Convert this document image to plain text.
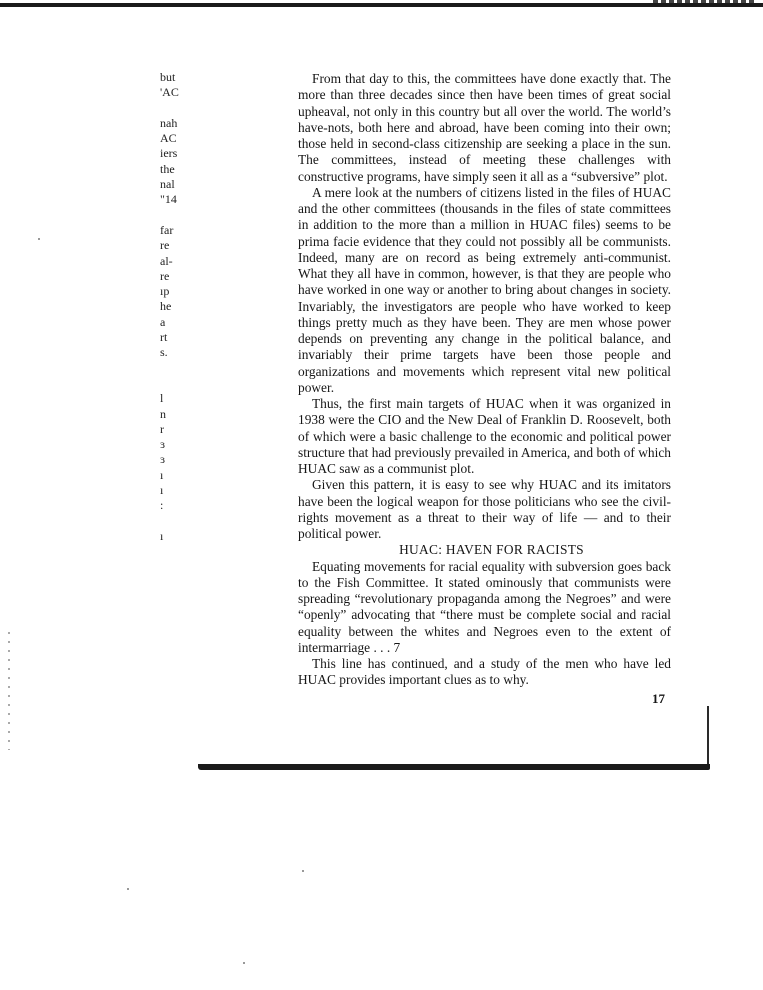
but
'AC
nah
AC
iers
the
nal
"14
far
re
al-
re
ıp
he
a
rt
s.
l
n
r
ɜ
ɜ
ı
ı
:
ı

From that day to this, the committees have done exactly that. The more than three decades since then have been times of great social upheaval, not only in this country but all over the world. The world’s have-nots, both here and abroad, have been coming into their own; those held in second-class citizenship are seeking a place in the sun. The committees, instead of meeting these challenges with constructive programs, have simply seen it all as a “subversive” plot.

A mere look at the numbers of citizens listed in the files of HUAC and the other committees (thousands in the files of state committees in addition to the more than a million in HUAC files) seems to be prima facie evidence that they could not possibly all be communists. Indeed, many are on record as being extremely anti-communist. What they all have in common, however, is that they are people who have worked in one way or another to bring about changes in society. Invariably, the investigators are people who have worked to keep things pretty much as they have been. They are men whose power depends on preventing any change in the political balance, and invariably their prime targets have been those people and organizations and movements which represent vital new political power.

Thus, the first main targets of HUAC when it was organized in 1938 were the CIO and the New Deal of Franklin D. Roosevelt, both of which were a basic challenge to the economic and political power structure that had previously prevailed in America, and both of which HUAC saw as a communist plot.

Given this pattern, it is easy to see why HUAC and its imitators have been the logical weapon for those politicians who see the civil-rights movement as a threat to their way of life — and to their political power.

HUAC: HAVEN FOR RACISTS

Equating movements for racial equality with subversion goes back to the Fish Committee. It stated ominously that communists were spreading “revolutionary propaganda among the Negroes” and were “openly” advocating that “there must be complete social and racial equality between the whites and Negroes even to the extent of intermarriage . . . 7

This line has continued, and a study of the men who have led HUAC provides important clues as to why.

17
